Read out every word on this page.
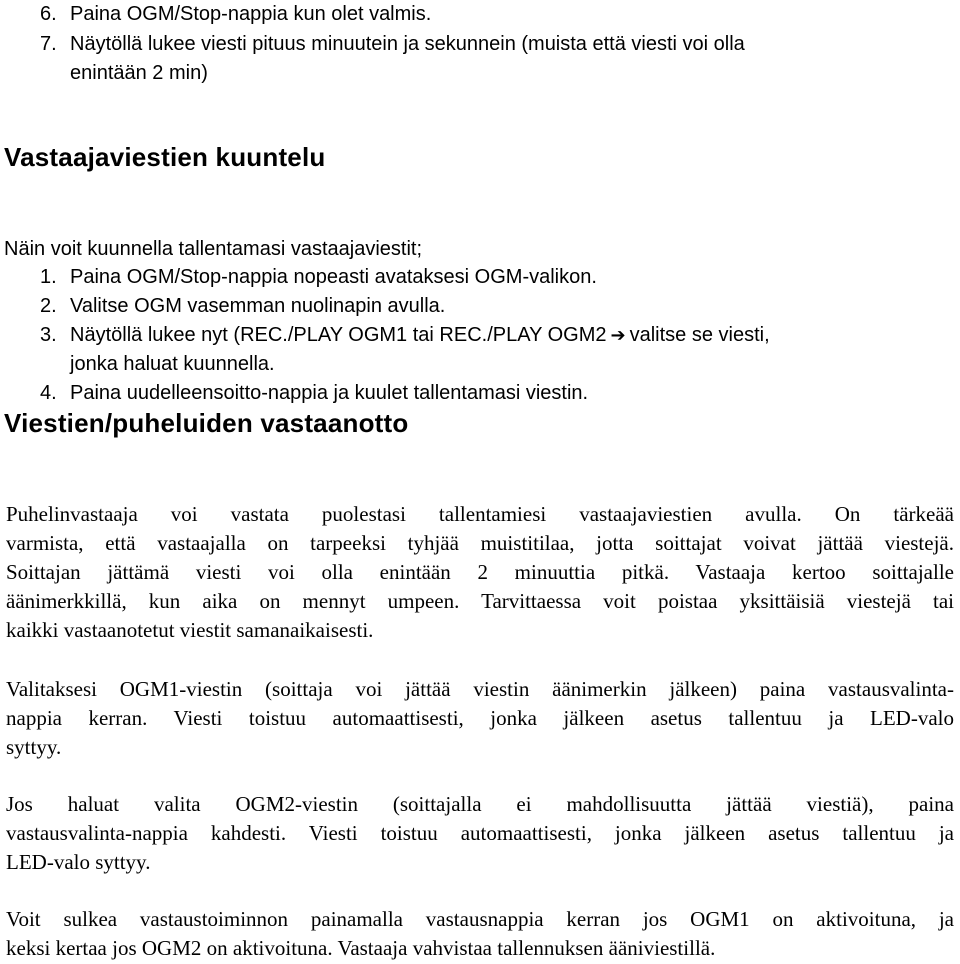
6. Paina OGM/Stop-nappia kun olet valmis.

7. Näytöllä lukee viesti pituus minuutein ja sekunnein (muista että viesti voi olla

enintään 2 min)

Vastaajaviestien kuuntelu

Näin voit kuunnella tallentamasi vastaajaviestit;

1. Paina OGM/Stop-nappia nopeasti avataksesi OGM-valikon.

2. Valitse OGM vasemman nuolinapin avulla.

3. Näytöllä lukee nyt (REC./PLAY OGM1 tai REC./PLAY OGM2 ➔ valitse se viesti,

jonka haluat kuunnella.

4. Paina uudelleensoitto-nappia ja kuulet tallentamasi viestin.

Viestien/puheluiden vastaanotto
Puhelinvastaaja voi vastata puolestasi tallentamiesi vastaajaviestien avulla. On tärkeää
varmista, että vastaajalla on tarpeeksi tyhjää muistitilaa, jotta soittajat voivat jättää viestejä.
Soittajan jättämä viesti voi olla enintään 2 minuuttia pitkä. Vastaaja kertoo soittajalle
äänimerkkillä, kun aika on mennyt umpeen. Tarvittaessa voit poistaa yksittäisiä viestejä tai
kaikki vastaanotetut viestit samanaikaisesti.
Valitaksesi OGM1-viestin (soittaja voi jättää viestin äänimerkin jälkeen) paina vastausvalinta-
nappia kerran. Viesti toistuu automaattisesti, jonka jälkeen asetus tallentuu ja LED-valo
syttyy.
Jos haluat valita OGM2-viestin (soittajalla ei mahdollisuutta jättää viestiä), paina
vastausvalinta-nappia kahdesti. Viesti toistuu automaattisesti, jonka jälkeen asetus tallentuu ja
LED-valo syttyy.
Voit sulkea vastaustoiminnon painamalla vastausnappia kerran jos OGM1 on aktivoituna, ja
keksi kertaa jos OGM2 on aktivoituna. Vastaaja vahvistaa tallennuksen ääniviestillä.
